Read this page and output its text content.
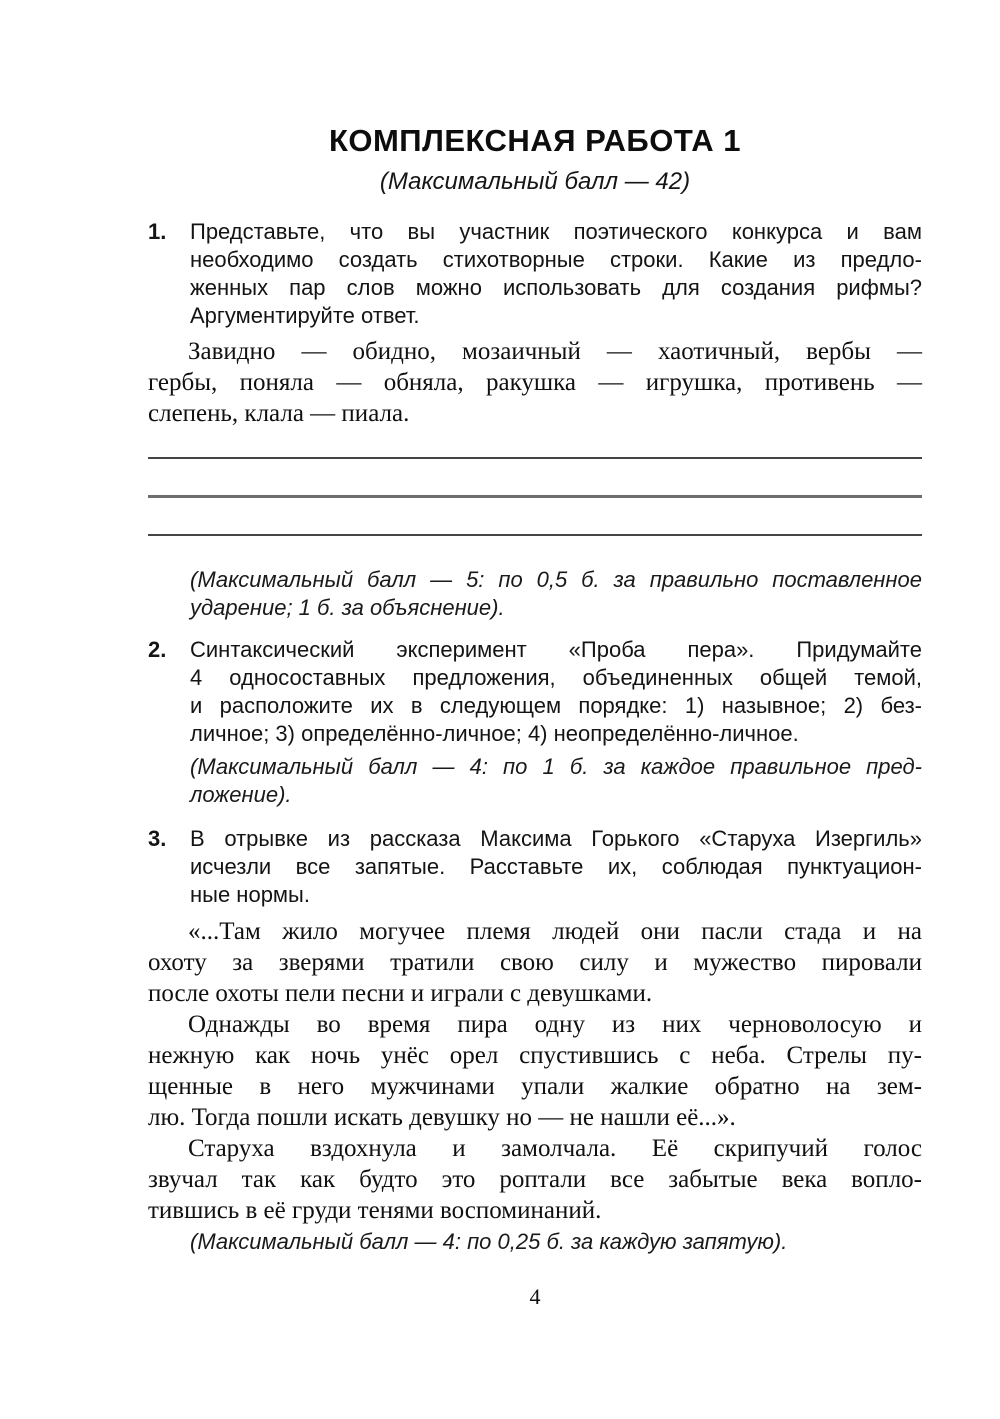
КОМПЛЕКСНАЯ РАБОТА 1
(Максимальный балл — 42)
1.	Представьте, что вы участник поэтического конкурса и вам
необходимо создать стихотворные строки. Какие из предло-
женных пар слов можно использовать для создания рифмы?
Аргументируйте ответ.
Завидно — обидно, мозаичный — хаотичный, вербы —
гербы, поняла — обняла, ракушка — игрушка, противень —
слепень, клала — пиала.
(Максимальный балл — 5: по 0,5 б. за правильно поставленное
ударение; 1 б. за объяснение).
2.	Синтаксический эксперимент «Проба пера». Придумайте
4 односоставных предложения, объединенных общей темой,
и расположите их в следующем порядке: 1) назывное; 2) без-
личное; 3) определённо-личное; 4) неопределённо-личное.
(Максимальный балл — 4: по 1 б. за каждое правильное пред-
ложение).
3.	В отрывке из рассказа Максима Горького «Старуха Изергиль»
исчезли все запятые. Расставьте их, соблюдая пунктуацион-
ные нормы.
«...Там жило могучее племя людей они пасли стада и на
охоту за зверями тратили свою силу и мужество пировали
после охоты пели песни и играли с девушками.
Однажды во время пира одну из них черноволосую и
нежную как ночь унёс орел спустившись с неба. Стрелы пу-
щенные в него мужчинами упали жалкие обратно на зем-
лю. Тогда пошли искать девушку но — не нашли её...».
Старуха вздохнула и замолчала. Её скрипучий голос
звучал так как будто это роптали все забытые века вопло-
тившись в её груди тенями воспоминаний.
(Максимальный балл — 4: по 0,25 б. за каждую запятую).
4
